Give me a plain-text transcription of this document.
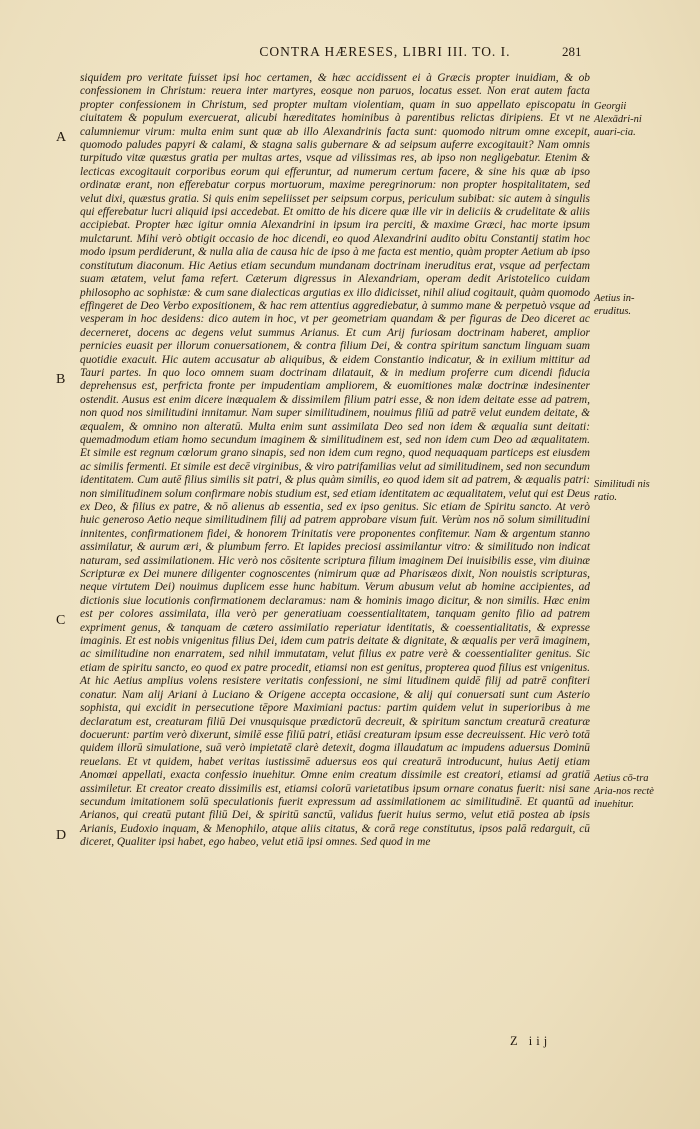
CONTRA HÆRESES, LIBRI III. TO. I.	281
A
B
C
D
Georgii Alexādri-ni auari-cia.
Aetius in-eruditus.
Similitudi nis ratio.
Aetius cō-tra Aria-nos rectè inuehitur.

siquidem pro veritate fuisset ipsi hoc certamen, & hæc accidissent ei à Græcis propter inuidiam, & ob confessionem in Christum: reuera inter martyres, eosque non paruos, locatus esset. Non erat autem facta propter confessionem in Christum, sed propter multam violentiam, quam in suo appellato episcopatu in ciuitatem & populum exercuerat, alicubi hæreditates hominibus à parentibus relictas diripiens. Et vt ne calumniemur virum: multa enim sunt quæ ab illo Alexandrinis facta sunt: quomodo nitrum omne excepit, quomodo paludes papyri & calami, & stagna salis gubernare & ad seipsum auferre excogitauit? Nam omnis turpitudo vitæ quæstus gratia per multas artes, vsque ad vilissimas res, ab ipso non negligebatur. Etenim & lecticas excogitauit corporibus eorum qui efferuntur, ad numerum certum facere, & sine his quæ ab ipso ordinatæ erant, non efferebatur corpus mortuorum, maxime peregrinorum: non propter hospitalitatem, sed velut dixi, quæstus gratia. Si quis enim sepeliisset per seipsum corpus, periculum subibat: sic autem à singulis qui efferebatur lucri aliquid ipsi accedebat. Et omitto de his dicere quæ ille vir in deliciis & crudelitate & aliis accipiebat. Propter hæc igitur omnia Alexandrini in ipsum ira perciti, & maxime Græci, hac morte ipsum mulctarunt. Mihi verò obtigit occasio de hoc dicendi, eo quod Alexandrini audito obitu Constantij statim hoc modo ipsum perdiderunt, & nulla alia de causa hic de ipso à me facta est mentio, quàm propter Aetium ab ipso constitutum diaconum. Hic Aetius etiam secundum mundanam doctrinam ineruditus erat, vsque ad perfectam suam ætatem, velut fama refert. Cæterum digressus in Alexandriam, operam dedit Aristotelico cuidam philosopho ac sophistæ: & cum sane dialecticas argutias ex illo didicisset, nihil aliud cogitauit, quàm quomodo effingeret de Deo Verbo expositionem, & hac rem attentius aggrediebatur, à summo mane & perpetuò vsque ad vesperam in hoc desidens: dico autem in hoc, vt per geometriam quandam & per figuras de Deo diceret ac decerneret, docens ac degens velut summus Arianus. Et cum Arij furiosam doctrinam haberet, amplior pernicies euasit per illorum conuersationem, & contra filium Dei, & contra spiritum sanctum linguam suam quotidie exacuit. Hic autem accusatur ab aliquibus, & eidem Constantio indicatur, & in exilium mittitur ad Tauri partes. In quo loco omnem suam doctrinam dilatauit, & in medium proferre cum dicendi fiducia deprehensus est, perfricta fronte per impudentiam ampliorem, & euomitiones malæ doctrinæ indesinenter ostendit. Ausus est enim dicere inæqualem & dissimilem filium patri esse, & non idem deitate esse ad patrem, non quod nos similitudini innitamur. Nam super similitudinem, nouimus filiū ad patrē velut eundem deitate, & æqualem, & omnino non alteratū. Multa enim sunt assimilata Deo sed non idem & æqualia sunt deitati: quemadmodum etiam homo secundum imaginem & similitudinem est, sed non idem cum Deo ad æqualitatem. Et simile est regnum cœlorum grano sinapis, sed non idem cum regno, quod nequaquam particeps est eiusdem ac similis fermenti. Et simile est decē virginibus, & viro patrifamilias velut ad similitudinem, sed non secundum identitatem. Cum autē filius similis sit patri, & plus quàm similis, eo quod idem sit ad patrem, & æqualis patri: non similitudinem solum confirmare nobis studium est, sed etiam identitatem ac æqualitatem, velut qui est Deus ex Deo, & filius ex patre, & nō alienus ab essentia, sed ex ipso genitus. Sic etiam de Spiritu sancto. At verò huic generoso Aetio neque similitudinem filij ad patrem approbare visum fuit. Verùm nos nō solum similitudini innitentes, confirmationem fidei, & honorem Trinitatis vere proponentes confitemur. Nam & argentum stanno assimilatur, & aurum æri, & plumbum ferro. Et lapides preciosi assimilantur vitro: & similitudo non indicat naturam, sed assimilationem. Hic verò nos cōsitente scriptura filium imaginem Dei inuisibilis esse, vim diuinæ Scripturæ ex Dei munere diligenter cognoscentes (nimirum quæ ad Pharisæos dixit, Non nouistis scripturas, neque virtutem Dei) nouimus duplicem esse hunc habitum. Verum abusum velut ab homine accipientes, ad dictionis siue locutionis confirmationem declaramus: nam & hominis imago dicitur, & non similis. Hæc enim est per colores assimilata, illa verò per generatiuam coessentialitatem, tanquam genito filio ad patrem expriment genus, & tanquam de cætero assimilatio reperiatur identitatis, & coessentialitatis, & expresse imaginis. Et est nobis vnigenitus filius Dei, idem cum patris deitate & dignitate, & æqualis per verā imaginem, ac similitudine non enarratem, sed nihil immutatam, velut filius ex patre verè & coessentialiter genitus. Sic etiam de spiritu sancto, eo quod ex patre procedit, etiamsi non est genitus, propterea quod filius est vnigenitus. At hic Aetius amplius volens resistere veritatis confessioni, ne simi litudinem quidē filij ad patrē confiteri conatur. Nam alij Ariani à Luciano & Origene accepta occasione, & alij qui conuersati sunt cum Asterio sophista, qui excidit in persecutione tēpore Maximiani pactus: partim quidem velut in superioribus à me declaratum est, creaturam filiū Dei vnusquisque prædictorū decreuit, & spiritum sanctum creaturā creaturæ docuerunt: partim verò dixerunt, similē esse filiū patri, etiāsi creaturam ipsum esse decreuissent. Hic verò totā quidem illorū simulatione, suā verò impietatē clarè detexit, dogma illaudatum ac impudens aduersus Dominū reuelans. Et vt quidem, habet veritas iustissimē aduersus eos qui creaturā introducunt, huius Aetij etiam Anomœi appellati, exacta confessio inuehitur. Omne enim creatum dissimile est creatori, etiamsi ad gratiā assimiletur. Et creator creato dissimilis est, etiamsi colorū varietatibus ipsum ornare conatus fuerit: nisi sane secundum imitationem solū speculationis fuerit expressum ad assimilationem ac similitudinē. Et quantū ad Arianos, qui creatū putant filiū Dei, & spiritū sanctū, validus fuerit huius sermo, velut etiā postea ab ipsis Arianis, Eudoxio inquam, & Menophilo, atque aliis citatus, & corā rege constitutus, ipsos palā redarguit, cū diceret, Qualiter ipsi habet, ego habeo, velut etiā ipsi omnes. Sed quod in me

Z iij
